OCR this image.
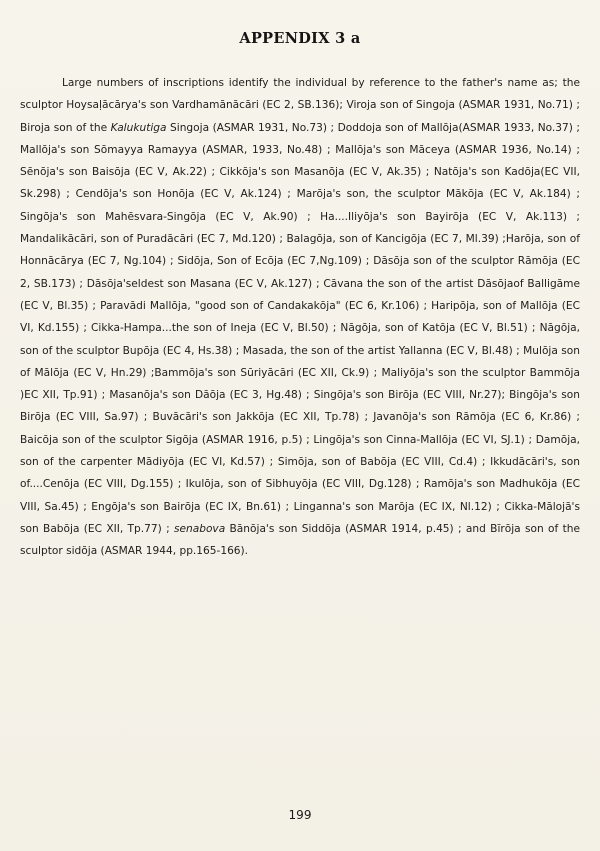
APPENDIX 3 a

Large numbers of inscriptions identify the individual by reference to the father's name as; the sculptor Hoysaḷācārya's son Vardhamānācāri (EC 2, SB.136); Viroja son of Singoja (ASMAR 1931, No.71) ; Biroja son of the Kalukutiga Singoja (ASMAR 1931, No.73) ; Doddoja son of Mallōja(ASMAR 1933, No.37) ; Mallōja's son Sōmayya Ramayya (ASMAR, 1933, No.48) ; Mallōja's son Māceya (ASMAR 1936, No.14) ; Sēnōja's son Baisōja (EC V, Ak.22) ; Cikkōja's son Masanōja (EC V, Ak.35) ; Natōja's son Kadōja(EC VII, Sk.298) ; Cendōja's son Honōja (EC V, Ak.124) ; Marōja's son, the sculptor Mākōja (EC V, Ak.184) ; Singōja's son Mahēsvara-Singōja (EC V, Ak.90) ; Ha....Iliyōja's son Bayirōja (EC V, Ak.113) ; Mandalikācāri, son of Puradācāri (EC 7, Md.120) ; Balagōja, son of Kancigōja (EC 7, Ml.39) ;Harōja, son of Honnācārya (EC 7, Ng.104) ; Sidōja, Son of Ecōja (EC 7,Ng.109) ; Dāsōja son of the sculptor Rāmōja (EC 2, SB.173) ; Dāsōja'seldest son Masana (EC V, Ak.127) ; Cāvana the son of the artist Dāsōjaof Balligāme (EC V, Bl.35) ; Paravādi Mallōja, "good son of Candakakōja" (EC 6, Kr.106) ; Haripōja, son of Mallōja (EC VI, Kd.155) ; Cikka-Hampa...the son of Ineja (EC V, Bl.50) ; Nāgōja, son of Katōja (EC V, Bl.51) ; Nāgōja, son of the sculptor Bupōja (EC 4, Hs.38) ; Masada, the son of the artist Yallanna (EC V, Bl.48) ; Mulōja son of Mālōja (EC V, Hn.29) ;Bammōja's son Sūriyācāri (EC XII, Ck.9) ; Maliyōja's son the sculptor Bammōja )EC XII, Tp.91) ; Masanōja's son Dāōja (EC 3, Hg.48) ; Singōja's son Birōja (EC VIII, Nr.27); Bingōja's son Birōja (EC VIII, Sa.97) ; Buvācāri's son Jakkōja (EC XII, Tp.78) ; Javanōja's son Rāmōja (EC 6, Kr.86) ; Baicōja son of the sculptor Sigōja (ASMAR 1916, p.5) ; Lingōja's son Cinna-Mallōja (EC VI, SJ.1) ; Damōja, son of the carpenter Mādiyōja (EC VI, Kd.57) ; Simōja, son of Babōja (EC VIII, Cd.4) ; Ikkudācāri's, son of....Cenōja (EC VIII, Dg.155) ; Ikulōja, son of Sibhuyōja (EC VIII, Dg.128) ; Ramōja's son Madhukōja (EC VIII, Sa.45) ; Engōja's son Bairōja (EC IX, Bn.61) ; Linganna's son Marōja (EC IX, Nl.12) ; Cikka-Mālojā's son Babōja (EC XII, Tp.77) ; senabova Bānōja's son Siddōja (ASMAR 1914, p.45) ; and Bīrōja son of the sculptor sidōja (ASMAR 1944, pp.165-166).

199
